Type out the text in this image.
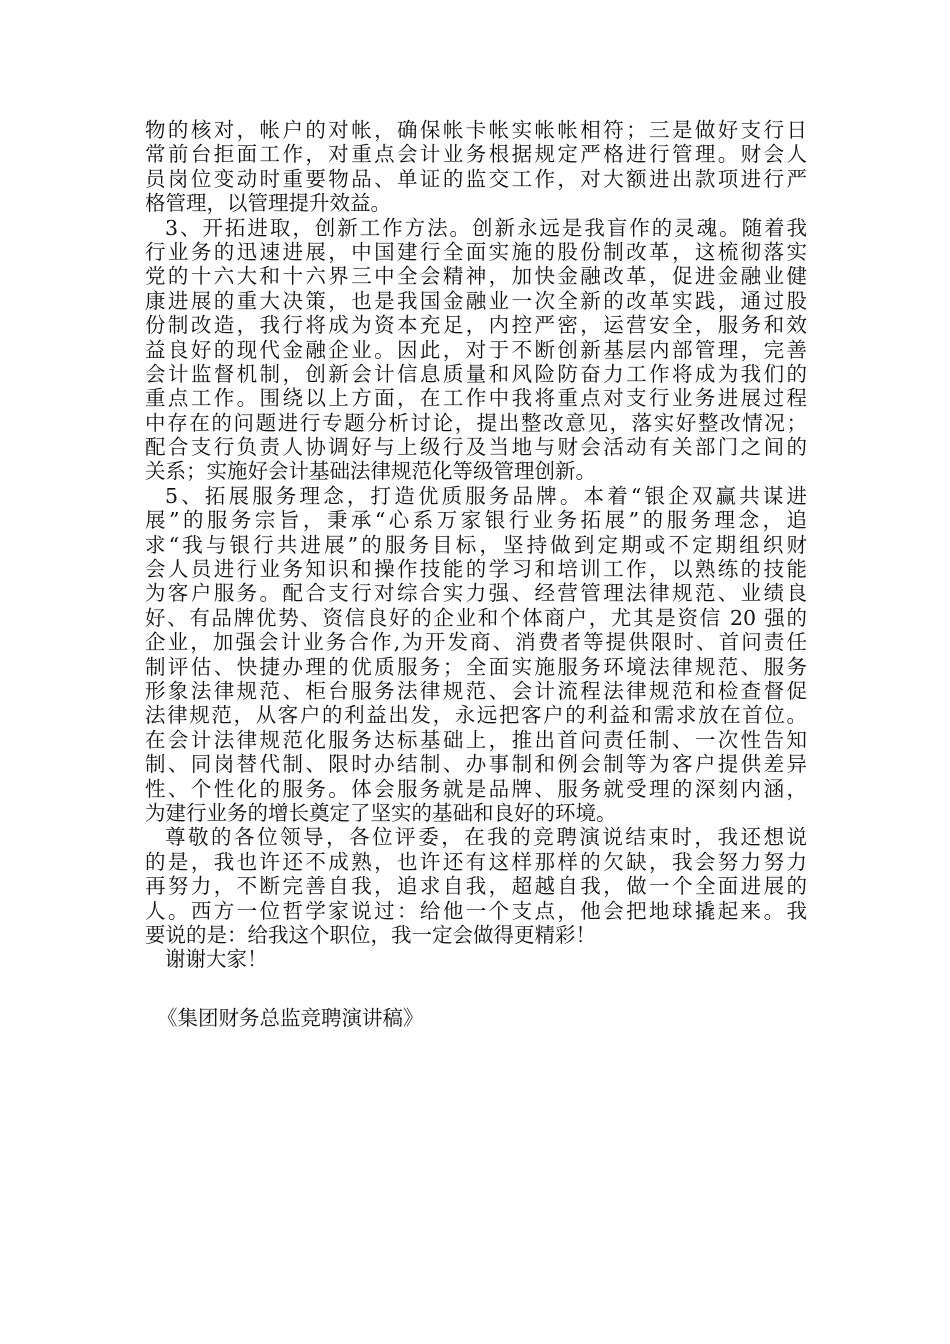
物的核对，帐户的对帐，确保帐卡帐实帐帐相符；三是做好支行日
常前台拒面工作，对重点会计业务根据规定严格进行管理。财会人
员岗位变动时重要物品、单证的监交工作，对大额进出款项进行严
格管理，以管理提升效益。
3、开拓进取，创新工作方法。创新永远是我盲作的灵魂。随着我
行业务的迅速进展，中国建行全面实施的股份制改革，这梳彻落实
党的十六大和十六界三中全会精神，加快金融改革，促进金融业健
康进展的重大决策，也是我国金融业一次全新的改革实践，通过股
份制改造，我行将成为资本充足，内控严密，运营安全，服务和效
益良好的现代金融企业。因此，对于不断创新基层内部管理，完善
会计监督机制，创新会计信息质量和风险防奋力工作将成为我们的
重点工作。围绕以上方面，在工作中我将重点对支行业务进展过程
中存在的问题进行专题分析讨论，提出整改意见，落实好整改情况；
配合支行负责人协调好与上级行及当地与财会活动有关部门之间的
关系；实施好会计基础法律规范化等级管理创新。
5、拓展服务理念，打造优质服务品牌。本着“银企双赢共谋进
展”的服务宗旨，秉承“心系万家银行业务拓展”的服务理念，追
求“我与银行共进展”的服务目标，坚持做到定期或不定期组织财
会人员进行业务知识和操作技能的学习和培训工作，以熟练的技能
为客户服务。配合支行对综合实力强、经营管理法律规范、业绩良
好、有品牌优势、资信良好的企业和个体商户，尤其是资信 20 强的
企业，加强会计业务合作,为开发商、消费者等提供限时、首问责任
制评估、快捷办理的优质服务；全面实施服务环境法律规范、服务
形象法律规范、柜台服务法律规范、会计流程法律规范和检查督促
法律规范，从客户的利益出发，永远把客户的利益和需求放在首位。
在会计法律规范化服务达标基础上，推出首问责任制、一次性告知
制、同岗替代制、限时办结制、办事制和例会制等为客户提供差异
性、个性化的服务。体会服务就是品牌、服务就受理的深刻内涵，
为建行业务的增长奠定了坚实的基础和良好的环境。
尊敬的各位领导，各位评委，在我的竞聘演说结束时，我还想说
的是，我也许还不成熟，也许还有这样那样的欠缺，我会努力努力
再努力，不断完善自我，追求自我，超越自我，做一个全面进展的
人。西方一位哲学家说过：给他一个支点，他会把地球撬起来。我
要说的是：给我这个职位，我一定会做得更精彩！
谢谢大家！
《集团财务总监竞聘演讲稿》
